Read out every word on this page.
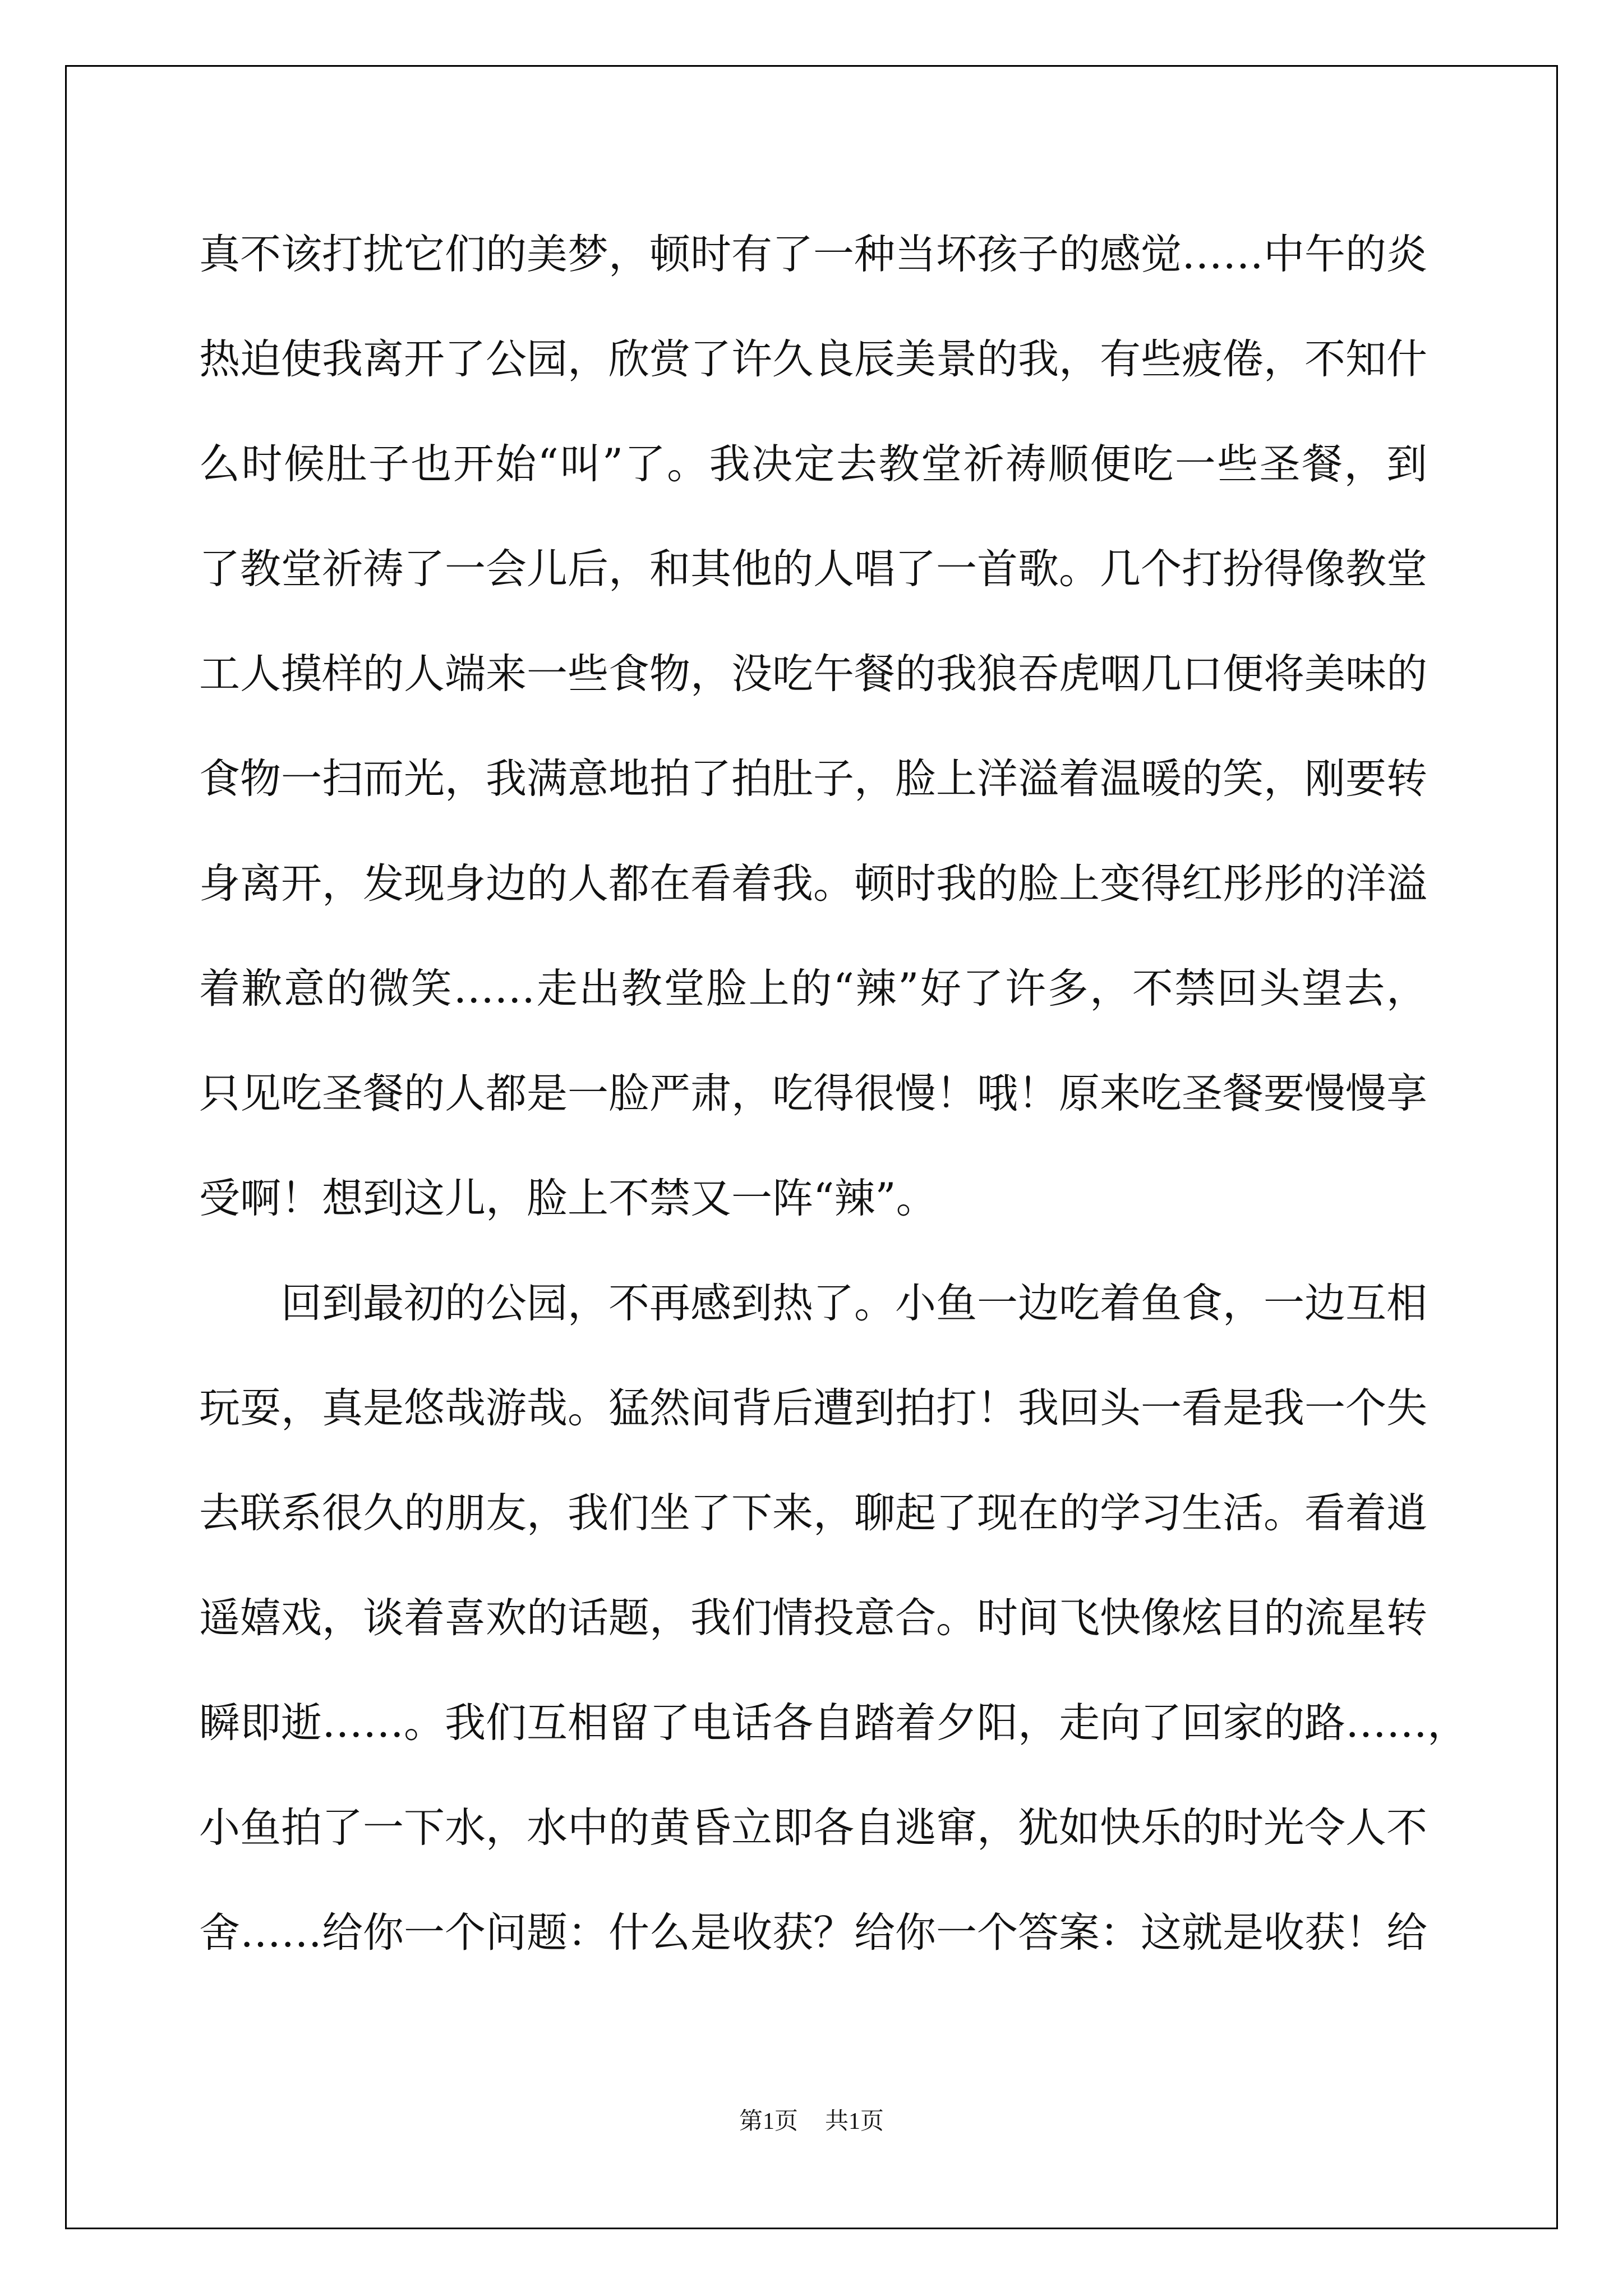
真不该打扰它们的美梦，顿时有了一种当坏孩子的感觉……中午的炎
热迫使我离开了公园，欣赏了许久良辰美景的我，有些疲倦，不知什
么时候肚子也开始“叫”了。我决定去教堂祈祷顺便吃一些圣餐，到
了教堂祈祷了一会儿后，和其他的人唱了一首歌。几个打扮得像教堂
工人摸样的人端来一些食物，没吃午餐的我狼吞虎咽几口便将美味的
食物一扫而光，我满意地拍了拍肚子，脸上洋溢着温暖的笑，刚要转
身离开，发现身边的人都在看着我。顿时我的脸上变得红彤彤的洋溢
着歉意的微笑……走出教堂脸上的“辣”好了许多，不禁回头望去，
只见吃圣餐的人都是一脸严肃，吃得很慢！哦！原来吃圣餐要慢慢享
受啊！想到这儿，脸上不禁又一阵“辣”。
回到最初的公园，不再感到热了。小鱼一边吃着鱼食，一边互相
玩耍，真是悠哉游哉。猛然间背后遭到拍打！我回头一看是我一个失
去联系很久的朋友，我们坐了下来，聊起了现在的学习生活。看着逍
遥嬉戏，谈着喜欢的话题，我们情投意合。时间飞快像炫目的流星转
瞬即逝……。我们互相留了电话各自踏着夕阳，走向了回家的路……，
小鱼拍了一下水，水中的黄昏立即各自逃窜，犹如快乐的时光令人不
舍……给你一个问题：什么是收获？给你一个答案：这就是收获！给
第1页 共1页
